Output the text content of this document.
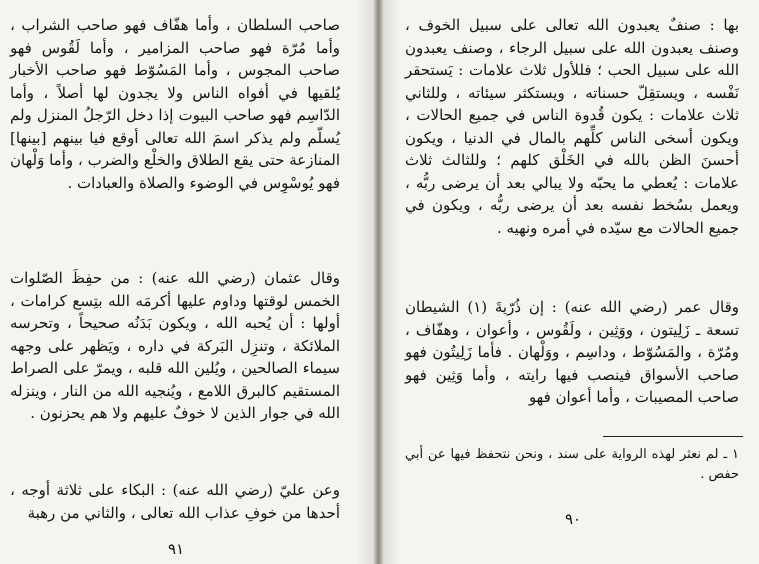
صاحب السلطان ، وأما هفّاف فهو صاحب الشراب ، وأما مُرّة فهو صاحب المزامير ، وأما لَقُوس فهو صاحب المجوس ، وأما المَسُوّط فهو صاحب الأخبار يُلقيها في أفواه الناس ولا يجدون لها أصلاً ، وأما الدّاسِم فهو صاحب البيوت إذا دخل الرّجلُ المنزل ولم يُسلّم ولم يذكر اسمَ الله تعالى أوقع فيا بينهم [بينها] المنازعة حتى يقع الطلاق والخلْع والضرب ، وأما وَلْهان فهو يُوسْوِس في الوضوء والصلاة والعبادات .

وقال عثمان (رضي الله عنه) : من حفِظَ الصّلوات الخمس لوقتها وداوم عليها أكرمَه الله بتِسع كرامات ، أولها : أن يُحبه الله ، ويكون بَدَنُه صحيحاً ، وتحرسه الملائكة ، وتنزِل البَركة في داره ، ويَظهر على وجهه سيماء الصالحين ، ويُلين الله قلبه ، ويمرّ على الصراط المستقيم كالبرق اللامع ، ويُنجيه الله من النار ، وينزله الله في جوار الذين لا خوفٌ عليهم ولا هم يحزنون .

وعن عليّ (رضي الله عنه) : البكاء على ثلاثة أوجه ، أحدها من خوفِ عذاب الله تعالى ، والثاني من رهبة

٩١

بها : صنفٌ يعبدون الله تعالى على سبيل الخوف ، وصنف يعبدون الله على سبيل الرجاء ، وصنف يعبدون الله على سبيل الحب ؛ فللأول ثلاث علامات : يَستحقر نَفْسه ، ويستقِلّ حسناته ، ويستكثر سيئاته ، وللثاني ثلاث علامات : يكون قُدوة الناس في جميع الحالات ، ويكون أسخى الناس كلِّهم بالمال في الدنيا ، ويكون أحسنَ الظن بالله في الخَلْق كلهم ؛ وللثالث ثلاث علامات : يُعطي ما يحبّه ولا يبالي بعد أن يرضى ربُّه ، ويعمل بسُخط نفسه بعد أن يرضى ربُّه ، ويكون في جميع الحالات مع سيّده في أمره ونهيه .

وقال عمر (رضي الله عنه) : إن ذُرّيةَ (١) الشيطان تسعة ـ زَلِيتون ، ووَثِين ، ولَقُوس ، وأعوان ، وهفّاف ، ومُرّة ، والمَسُوّط ، وداسِم ، ووَلْهان . فأما زَلِيتُون فهو صاحب الأسواق فينصب فيها رايته ، وأما وَثِين فهو صاحب المصيبات ، وأما أعوان فهو

١ ـ لم نعثر لهذه الرواية على سند ، ونحن نتحفظ فيها عن أبي حفص .

٩٠
